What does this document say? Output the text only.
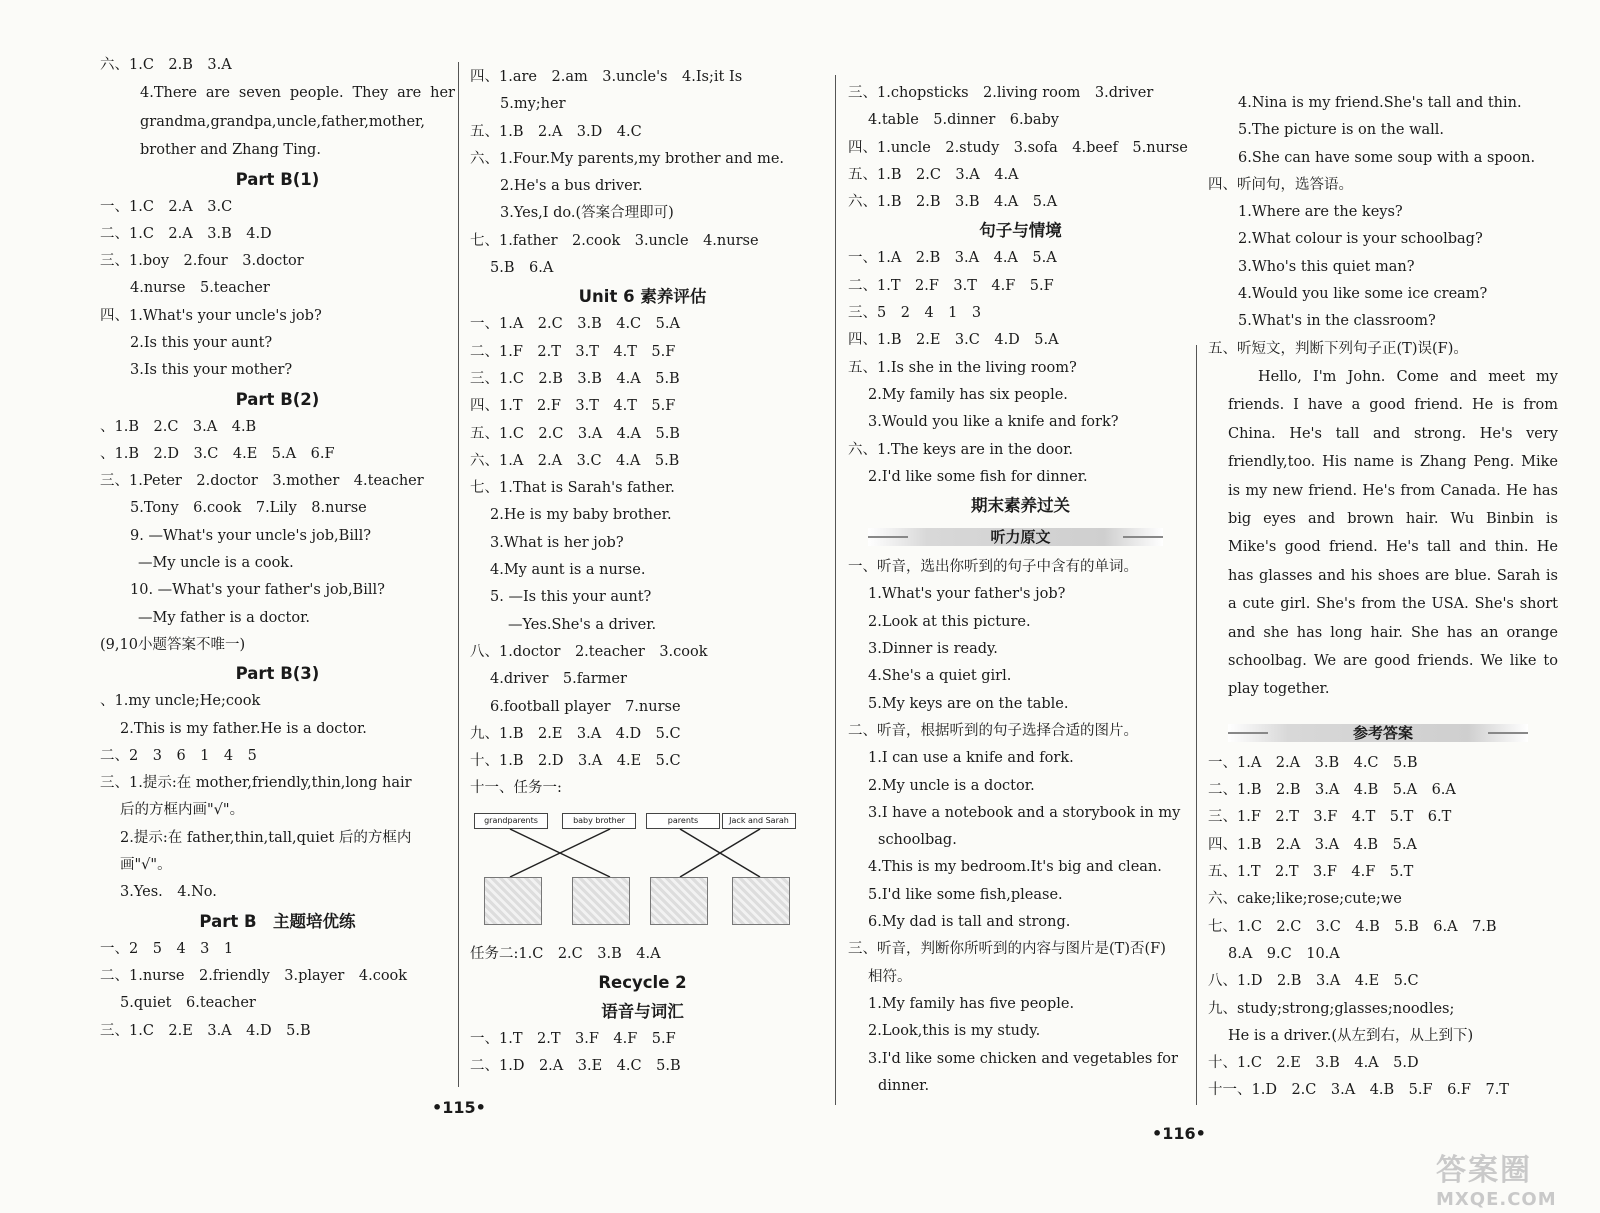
六、1.C　2.B　3.A
4.There are seven people. They are her grandma,grandpa,uncle,father,mother, brother and Zhang Ting.
Part B(1)
一、1.C　2.A　3.C
二、1.C　2.A　3.B　4.D
三、1.boy　2.four　3.doctor
4.nurse　5.teacher
四、1.What's your uncle's job?
2.Is this your aunt?
3.Is this your mother?
Part B(2)
、1.B　2.C　3.A　4.B
、1.B　2.D　3.C　4.E　5.A　6.F
三、1.Peter　2.doctor　3.mother　4.teacher
5.Tony　6.cook　7.Lily　8.nurse
9. —What's your uncle's job,Bill?
—My uncle is a cook.
10. —What's your father's job,Bill?
—My father is a doctor.
(9,10小题答案不唯一)
Part B(3)
、1.my uncle;He;cook
2.This is my father.He is a doctor.
二、2　3　6　1　4　5
三、1.提示:在 mother,friendly,thin,long hair
后的方框内画"√"。
2.提示:在 father,thin,tall,quiet 后的方框内
画"√"。
3.Yes.　4.No.
Part B　主题培优练
一、2　5　4　3　1
二、1.nurse　2.friendly　3.player　4.cook
5.quiet　6.teacher
三、1.C　2.E　3.A　4.D　5.B
四、1.are　2.am　3.uncle's　4.Is;it Is
5.my;her
五、1.B　2.A　3.D　4.C
六、1.Four.My parents,my brother and me.
2.He's a bus driver.
3.Yes,I do.(答案合理即可)
七、1.father　2.cook　3.uncle　4.nurse
5.B　6.A
Unit 6 素养评估
一、1.A　2.C　3.B　4.C　5.A
二、1.F　2.T　3.T　4.T　5.F
三、1.C　2.B　3.B　4.A　5.B
四、1.T　2.F　3.T　4.T　5.F
五、1.C　2.C　3.A　4.A　5.B
六、1.A　2.A　3.C　4.A　5.B
七、1.That is Sarah's father.
2.He is my baby brother.
3.What is her job?
4.My aunt is a nurse.
5. —Is this your aunt?
—Yes.She's a driver.
八、1.doctor　2.teacher　3.cook
4.driver　5.farmer
6.football player　7.nurse
九、1.B　2.E　3.A　4.D　5.C
十、1.B　2.D　3.A　4.E　5.C
十一、任务一:
grandparents	baby brother	parents	Jack and Sarah
任务二:1.C　2.C　3.B　4.A
Recycle 2
语音与词汇
一、1.T　2.T　3.F　4.F　5.F
二、1.D　2.A　3.E　4.C　5.B
三、1.chopsticks　2.living room　3.driver
4.table　5.dinner　6.baby
四、1.uncle　2.study　3.sofa　4.beef　5.nurse
五、1.B　2.C　3.A　4.A
六、1.B　2.B　3.B　4.A　5.A
句子与情境
一、1.A　2.B　3.A　4.A　5.A
二、1.T　2.F　3.T　4.F　5.F
三、5　2　4　1　3
四、1.B　2.E　3.C　4.D　5.A
五、1.Is she in the living room?
2.My family has six people.
3.Would you like a knife and fork?
六、1.The keys are in the door.
2.I'd like some fish for dinner.
期末素养过关
听力原文
一、听音，选出你听到的句子中含有的单词。
1.What's your father's job?
2.Look at this picture.
3.Dinner is ready.
4.She's a quiet girl.
5.My keys are on the table.
二、听音，根据听到的句子选择合适的图片。
1.I can use a knife and fork.
2.My uncle is a doctor.
3.I have a notebook and a storybook in my
schoolbag.
4.This is my bedroom.It's big and clean.
5.I'd like some fish,please.
6.My dad is tall and strong.
三、听音，判断你所听到的内容与图片是(T)否(F)
相符。
1.My family has five people.
2.Look,this is my study.
3.I'd like some chicken and vegetables for
dinner.
4.Nina is my friend.She's tall and thin.
5.The picture is on the wall.
6.She can have some soup with a spoon.
四、听问句，选答语。
1.Where are the keys?
2.What colour is your schoolbag?
3.Who's this quiet man?
4.Would you like some ice cream?
5.What's in the classroom?
五、听短文，判断下列句子正(T)误(F)。
Hello, I'm John. Come and meet my friends. I have a good friend. He is from China. He's tall and strong. He's very friendly,too. His name is Zhang Peng. Mike is my new friend. He's from Canada. He has big eyes and brown hair. Wu Binbin is Mike's good friend. He's tall and thin. He has glasses and his shoes are blue. Sarah is a cute girl. She's from the USA. She's short and she has long hair. She has an orange schoolbag. We are good friends. We like to play together.
参考答案
一、1.A　2.A　3.B　4.C　5.B
二、1.B　2.B　3.A　4.B　5.A　6.A
三、1.F　2.T　3.F　4.T　5.T　6.T
四、1.B　2.A　3.A　4.B　5.A
五、1.T　2.T　3.F　4.F　5.T
六、cake;like;rose;cute;we
七、1.C　2.C　3.C　4.B　5.B　6.A　7.B
8.A　9.C　10.A
八、1.D　2.B　3.A　4.E　5.C
九、study;strong;glasses;noodles;
He is a driver.(从左到右，从上到下)
十、1.C　2.E　3.B　4.A　5.D
十一、1.D　2.C　3.A　4.B　5.F　6.F　7.T
•115•
•116•
答案圈
MXQE.COM
